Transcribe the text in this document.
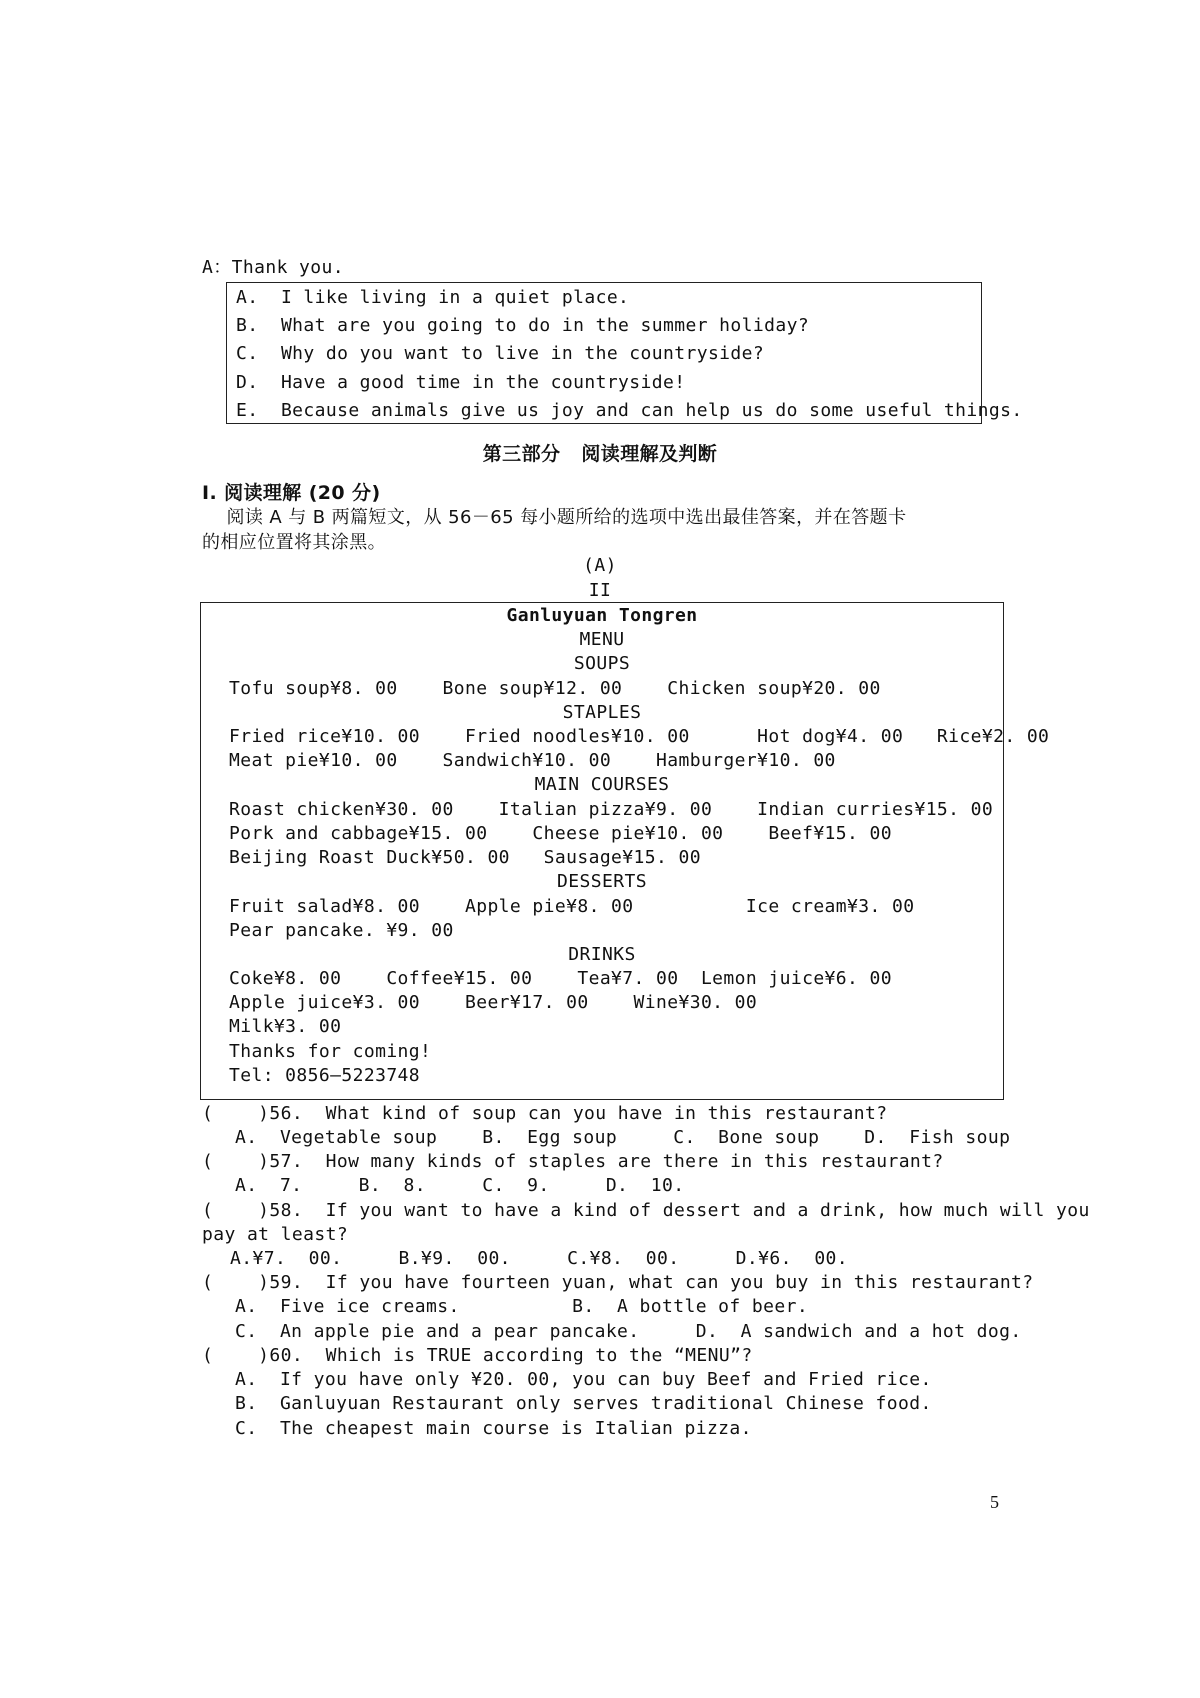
A：Thank you.
A.  I like living in a quiet place.
B.  What are you going to do in the summer holiday?
C.  Why do you want to live in the countryside?
D.  Have a good time in the countryside!
E.  Because animals give us joy and can help us do some useful things.
第三部分   阅读理解及判断
Ⅰ. 阅读理解 (20 分)
阅读 A 与 B 两篇短文，从 56－65 每小题所给的选项中选出最佳答案，并在答题卡
的相应位置将其涂黑。
(A)
II
Ganluyuan Tongren
MENU
SOUPS
Tofu soup¥8. 00    Bone soup¥12. 00    Chicken soup¥20. 00
STAPLES
Fried rice¥10. 00    Fried noodles¥10. 00      Hot dog¥4. 00   Rice¥2. 00
Meat pie¥10. 00    Sandwich¥10. 00    Hamburger¥10. 00
MAIN COURSES
Roast chicken¥30. 00    Italian pizza¥9. 00    Indian curries¥15. 00
Pork and cabbage¥15. 00    Cheese pie¥10. 00    Beef¥15. 00
Beijing Roast Duck¥50. 00   Sausage¥15. 00
DESSERTS
Fruit salad¥8. 00    Apple pie¥8. 00          Ice cream¥3. 00
Pear pancake. ¥9. 00
DRINKS
Coke¥8. 00    Coffee¥15. 00    Tea¥7. 00  Lemon juice¥6. 00
Apple juice¥3. 00    Beer¥17. 00    Wine¥30. 00
Milk¥3. 00
Thanks for coming!
Tel: 0856—5223748
(    )56.  What kind of soup can you have in this restaurant?
A.  Vegetable soup    B.  Egg soup     C.  Bone soup    D.  Fish soup
(    )57.  How many kinds of staples are there in this restaurant?
A.  7.     B.  8.     C.  9.     D.  10.
(    )58.  If you want to have a kind of dessert and a drink, how much will you
pay at least?
A.¥7.  00.     B.¥9.  00.     C.¥8.  00.     D.¥6.  00.
(    )59.  If you have fourteen yuan, what can you buy in this restaurant?
A.  Five ice creams.          B.  A bottle of beer.
C.  An apple pie and a pear pancake.     D.  A sandwich and a hot dog.
(    )60.  Which is TRUE according to the “MENU”?
A.  If you have only ¥20. 00, you can buy Beef and Fried rice.
B.  Ganluyuan Restaurant only serves traditional Chinese food.
C.  The cheapest main course is Italian pizza.
5
